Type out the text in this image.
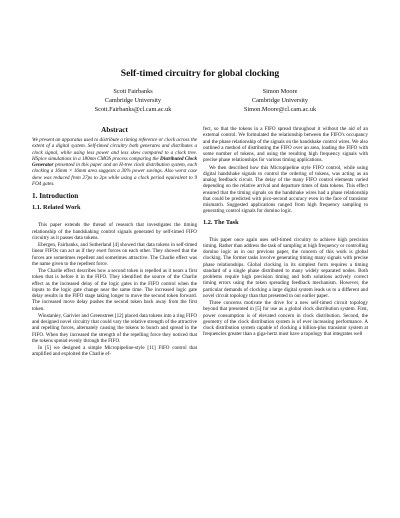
Self-timed circuitry for global clocking
Scott Fairbanks
Cambridge University
Scott.Fairbanks@cl.cam.ac.uk
Simon Moore
Cambridge University
Simon.Moore@cl.cam.ac.uk
Abstract

We present an apparatus used to distribute a timing reference or clock across the extent of a digital system. Self-timed circuitry both generates and distributes a clock signal, while using less power and less skew compared to a clock tree. HSpice simulations in a 180nm CMOS process comparing the Distributed Clock Generator presented in this paper and an H-tree clock distribution system, each clocking a 16mm × 16mm area suggests a 30% power savings. Also worst case skew was reduced from 27ps to 2ps while using a clock period equivalent to 9 FO4 gates.

1. Introduction
1.1. Related Work

This paper extends the thread of research that investigates the timing relationship of the handshaking control signals generated by self-timed FIFO circuitry as it passes data tokens.

Ebergen, Fairbanks, and Sutherland [4] showed that data tokens in self-timed linear FIFOs can act as if they exert forces on each other. They showed that the forces are sometimes repellent and sometimes attractive. The Charlie effect was the name given to the repellent force.

The Charlie effect describes how a second token is repelled as it nears a first token that is before it in the FIFO. They identified the source of the Charlie effect as the increased delay of the logic gates in the FIFO control when the inputs to the logic gate change near the same time. The increased logic gate delay results in the FIFO stage taking longer to move the second token forward. The increased move delay pushes the second token back away from the first token.

Winstanley, Garivier and Greenstreet [12] placed data tokens into a ring FIFO and designed novel circuitry that could vary the relative strength of the attractive and repelling forces, alternately causing the tokens to bunch and spread in the FIFO. When they increased the strength of the repelling force they noticed that the tokens spread evenly through the FIFO.

In [5] we designed a simple Micropipeline-style [11] FIFO control that amplified and exploited the Charlie ef-

fect, so that the tokens in a FIFO spread throughout it without the aid of an external control. We formulated the relationship between the FIFO's occupancy and the phase relationship of the signals on the handshake control wires. We also outlined a method of distributing the FIFO over an area, loading the FIFO with some number of tokens, and using the resulting high frequency signals with precise phase relationships for various timing applications.

We then described how this Micropipeline style FIFO control, while using digital handshake signals to control the ordering of tokens, was acting as an analog feedback circuit. The delay of the many FIFO control elements varied depending on the relative arrival and departure times of data tokens. This effect ensured that the timing signals on the handshake wires had a phase relationship that could be predicted with pico-second accuracy even in the face of transistor mismatch. Suggested applications ranged from high frequency sampling to generating control signals for domino logic.

1.2. The Task

This paper once again uses self-timed circuitry to achieve high precision timing. Rather than address the task of sampling at high frequency or controlling domino logic as in our previous paper, the concern of this work is global clocking. The former tasks involve generating timing many signals with precise phase relationships. Global clocking in its simplest form requires a timing standard of a single phase distributed to many widely separated nodes. Both problems require high precision timing and both solutions actively correct timing errors using the token spreading feedback mechanism. However, the particular demands of clocking a large digital system leads us to a different and novel circuit topology than that presented in our earlier paper.

Three concerns motivate the drive for a new self-timed circuit topology beyond that presented in [5] for use as a global clock distribution system. First, power consumption is of elevated concern in clock distribution. Second, the geometry of the clock distribution system is of ever increasing performance. A clock distribution system capable of clocking a billion-plus transistor system at frequencies greater than a giga-hertz must have a topology that integrates well
